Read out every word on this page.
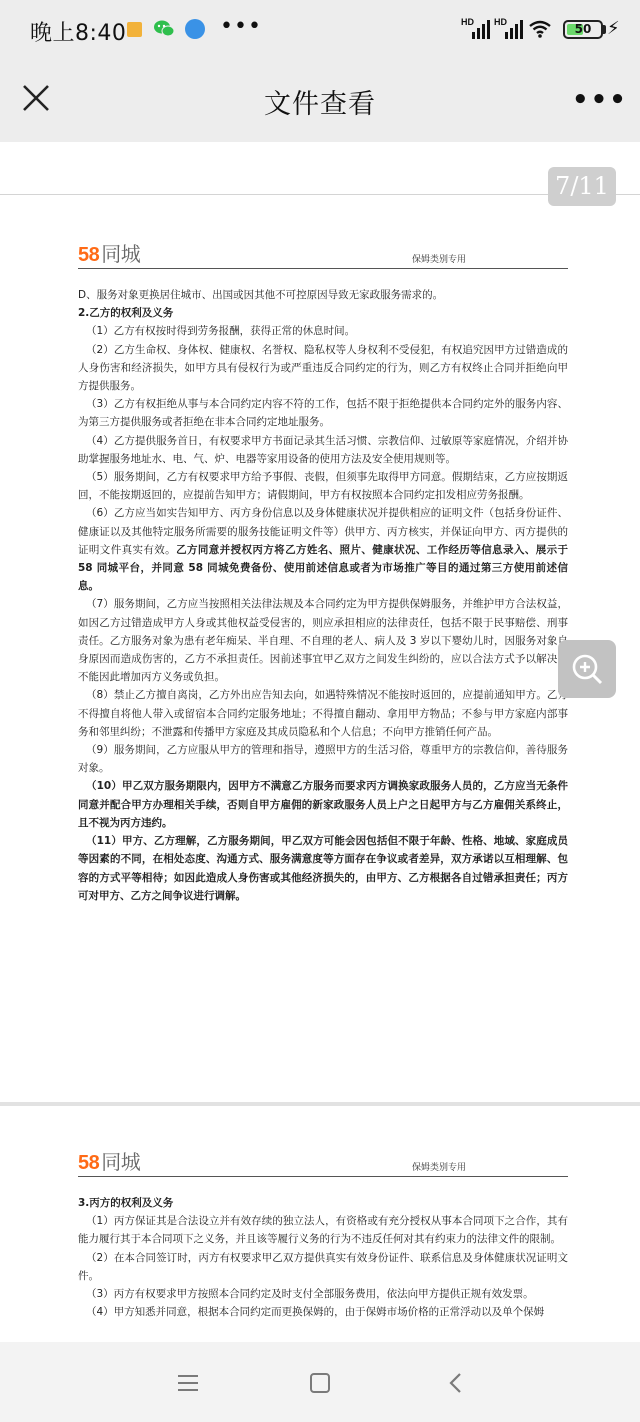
晚上8:40	•••	HD HD	50 ⚡
文件查看	•••
7/11
58 同城	保姆类别专用

D、服务对象更换居住城市、出国或因其他不可控原因导致无家政服务需求的。

2.乙方的权利及义务

（1）乙方有权按时得到劳务报酬，获得正常的休息时间。

（2）乙方生命权、身体权、健康权、名誉权、隐私权等人身权利不受侵犯，有权追究因甲方过错造成的人身伤害和经济损失，如甲方具有侵权行为或严重违反合同约定的行为，则乙方有权终止合同并拒绝向甲方提供服务。

（3）乙方有权拒绝从事与本合同约定内容不符的工作，包括不限于拒绝提供本合同约定外的服务内容、为第三方提供服务或者拒绝在非本合同约定地址服务。

（4）乙方提供服务首日，有权要求甲方书面记录其生活习惯、宗教信仰、过敏原等家庭情况，介绍并协助掌握服务地址水、电、气、炉、电器等家用设备的使用方法及安全使用规则等。

（5）服务期间，乙方有权要求甲方给予事假、丧假，但须事先取得甲方同意。假期结束，乙方应按期返回，不能按期返回的，应提前告知甲方；请假期间，甲方有权按照本合同约定扣发相应劳务报酬。

（6）乙方应当如实告知甲方、丙方身份信息以及身体健康状况并提供相应的证明文件（包括身份证件、健康证以及其他特定服务所需要的服务技能证明文件等）供甲方、丙方核实，并保证向甲方、丙方提供的证明文件真实有效。乙方同意并授权丙方将乙方姓名、照片、健康状况、工作经历等信息录入、展示于 58 同城平台，并同意 58 同城免费备份、使用前述信息或者为市场推广等目的通过第三方使用前述信息。

（7）服务期间，乙方应当按照相关法律法规及本合同约定为甲方提供保姆服务，并维护甲方合法权益，如因乙方过错造成甲方人身或其他权益受侵害的，则应承担相应的法律责任，包括不限于民事赔偿、刑事责任。乙方服务对象为患有老年痴呆、半自理、不自理的老人、病人及 3 岁以下婴幼儿时，因服务对象自身原因而造成伤害的，乙方不承担责任。因前述事宜甲乙双方之间发生纠纷的，应以合法方式予以解决，不能因此增加丙方义务或负担。

（8）禁止乙方擅自离岗，乙方外出应告知去向，如遇特殊情况不能按时返回的，应提前通知甲方。乙方不得擅自将他人带入或留宿本合同约定服务地址；不得擅自翻动、拿用甲方物品；不参与甲方家庭内部事务和邻里纠纷；不泄露和传播甲方家庭及其成员隐私和个人信息；不向甲方推销任何产品。

（9）服务期间，乙方应服从甲方的管理和指导，遵照甲方的生活习俗，尊重甲方的宗教信仰，善待服务对象。

（10）甲乙双方服务期限内，因甲方不满意乙方服务而要求丙方调换家政服务人员的，乙方应当无条件同意并配合甲方办理相关手续，否则自甲方雇佣的新家政服务人员上户之日起甲方与乙方雇佣关系终止，且不视为丙方违约。

（11）甲方、乙方理解，乙方服务期间，甲乙双方可能会因包括但不限于年龄、性格、地域、家庭成员等因素的不同，在相处态度、沟通方式、服务满意度等方面存在争议或者差异，双方承诺以互相理解、包容的方式平等相待；如因此造成人身伤害或其他经济损失的，由甲方、乙方根据各自过错承担责任；丙方可对甲方、乙方之间争议进行调解。

58 同城	保姆类别专用

3.丙方的权利及义务

（1）丙方保证其是合法设立并有效存续的独立法人，有资格或有充分授权从事本合同项下之合作，其有能力履行其于本合同项下之义务，并且该等履行义务的行为不违反任何对其有约束力的法律文件的限制。

（2）在本合同签订时，丙方有权要求甲乙双方提供真实有效身份证件、联系信息及身体健康状况证明文件。

（3）丙方有权要求甲方按照本合同约定及时支付全部服务费用，依法向甲方提供正规有效发票。

（4）甲方知悉并同意，根据本合同约定而更换保姆的，由于保姆市场价格的正常浮动以及单个保姆
